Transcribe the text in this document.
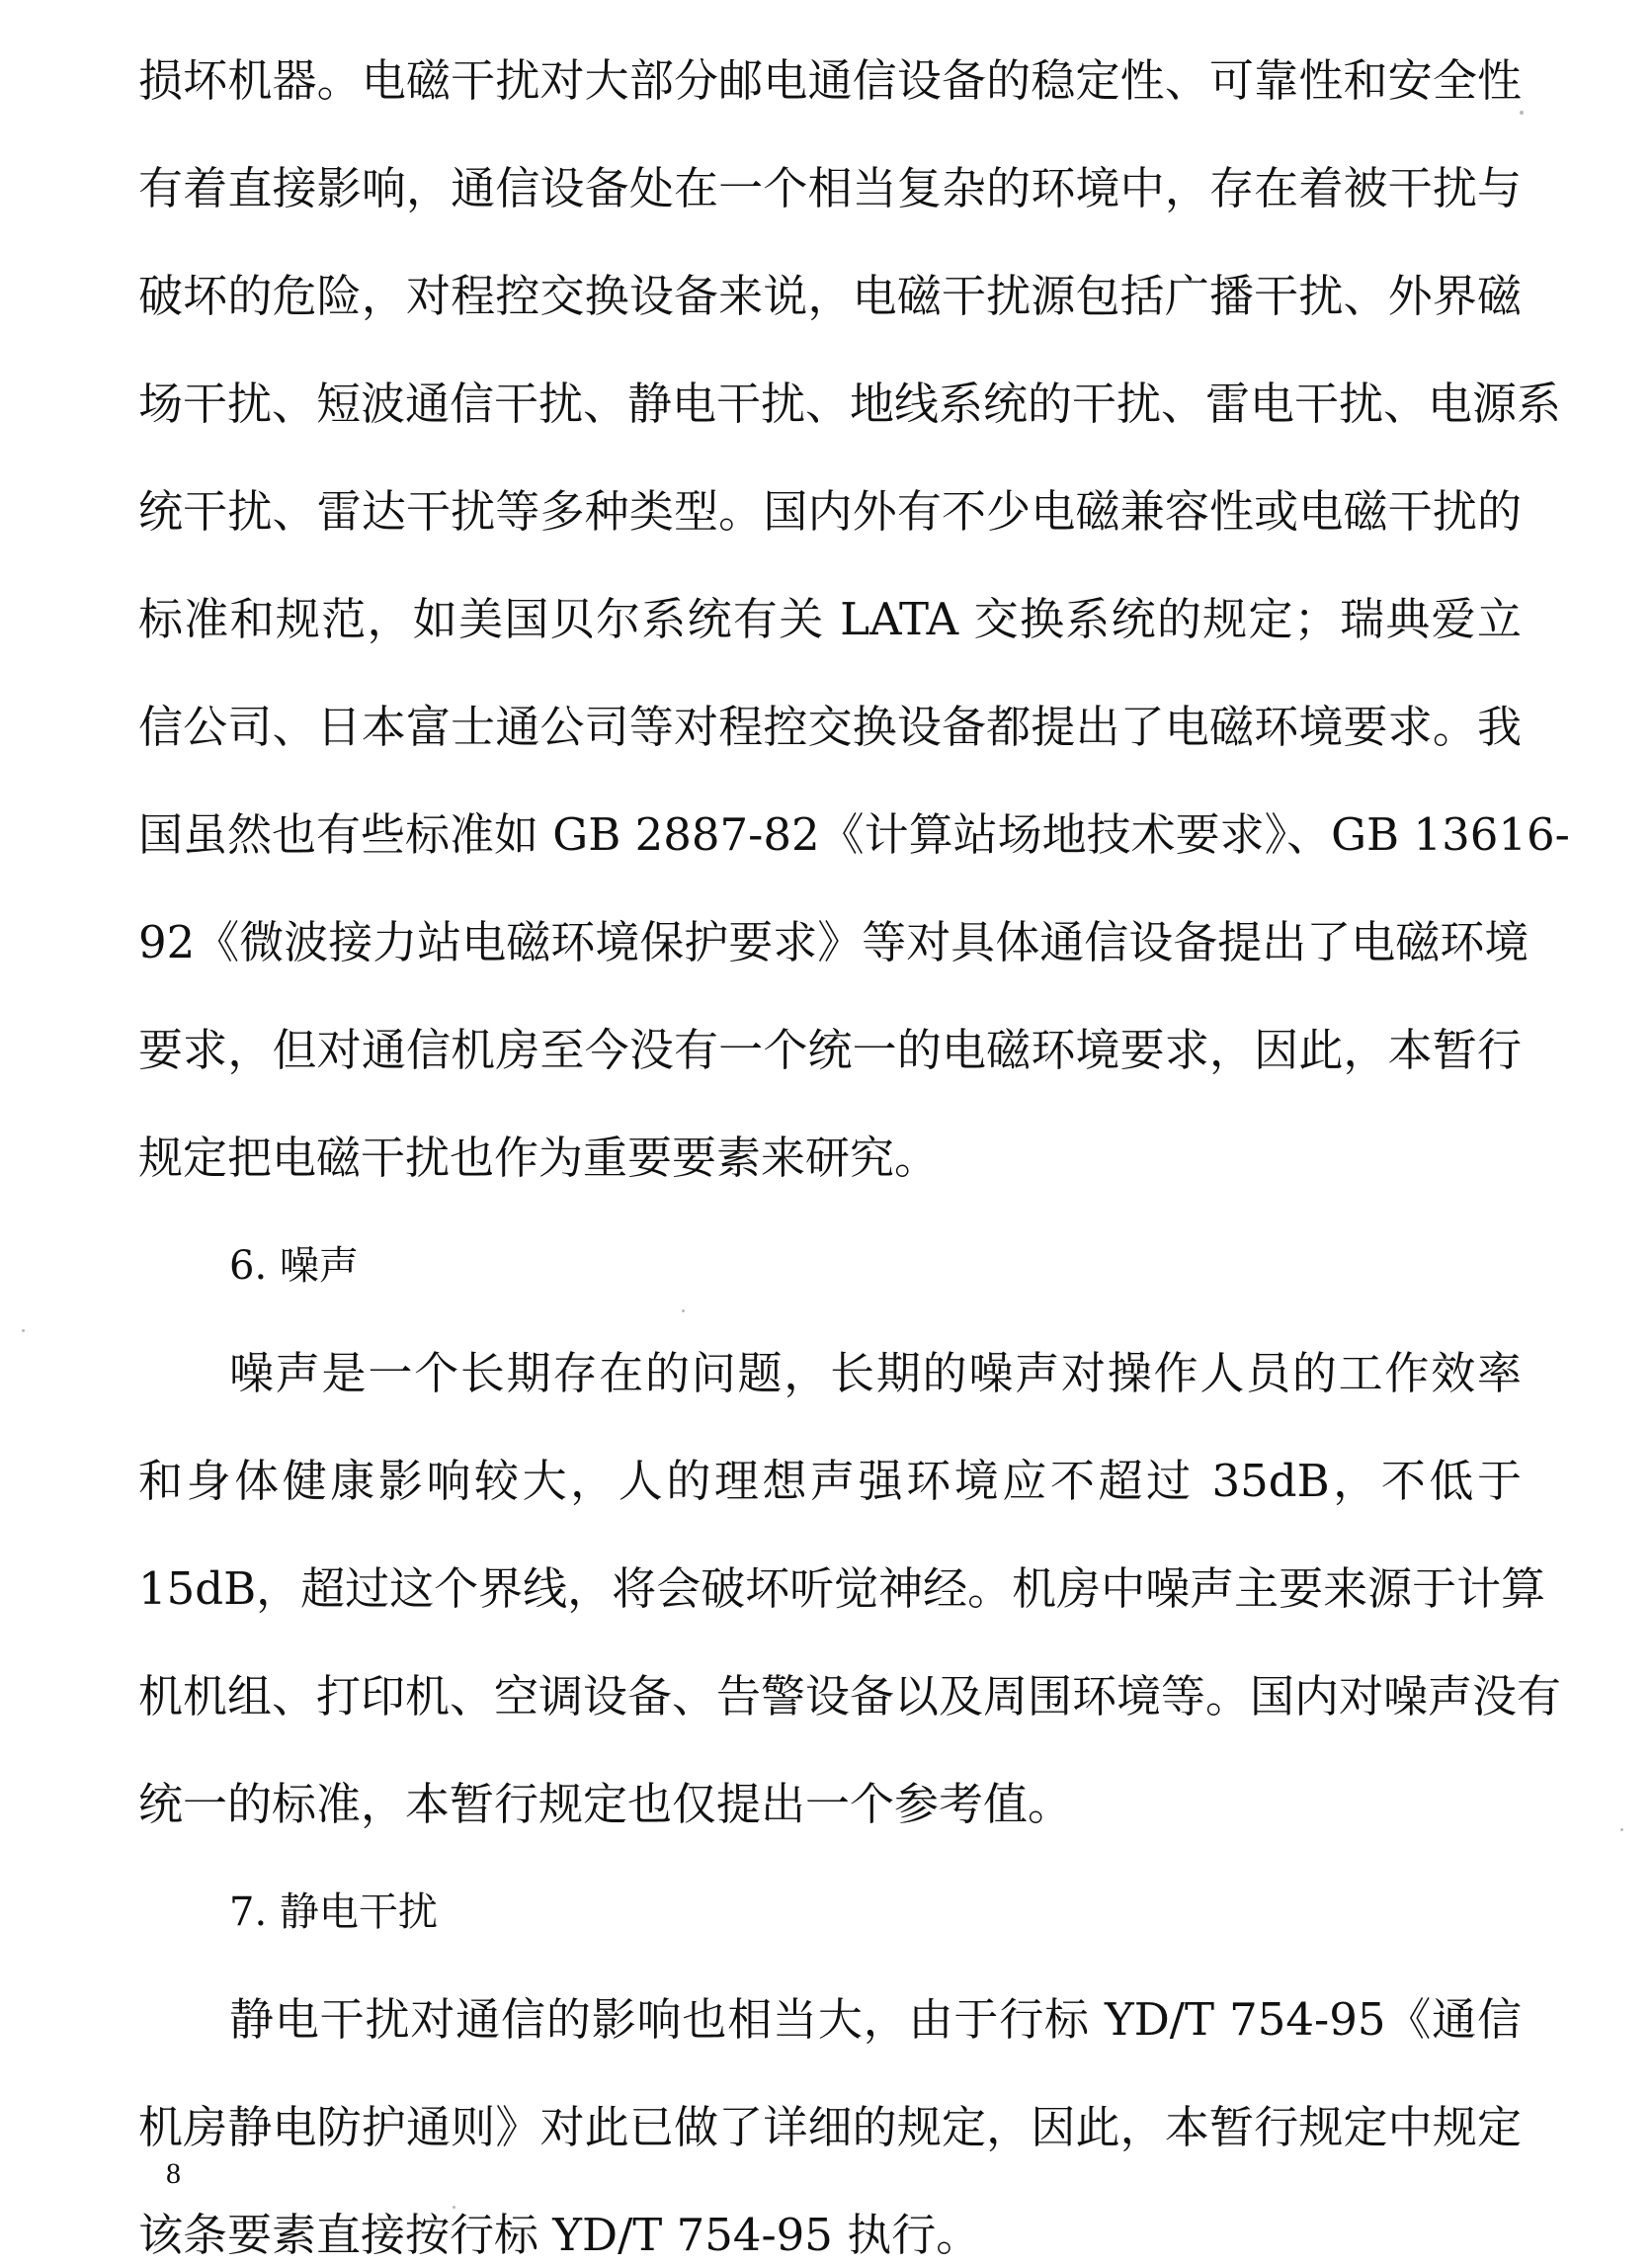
损坏机器。电磁干扰对大部分邮电通信设备的稳定性、可靠性和安全性
有着直接影响，通信设备处在一个相当复杂的环境中，存在着被干扰与
破坏的危险，对程控交换设备来说，电磁干扰源包括广播干扰、外界磁
场干扰、短波通信干扰、静电干扰、地线系统的干扰、雷电干扰、电源系
统干扰、雷达干扰等多种类型。国内外有不少电磁兼容性或电磁干扰的
标准和规范，如美国贝尔系统有关 LATA 交换系统的规定；瑞典爱立
信公司、日本富士通公司等对程控交换设备都提出了电磁环境要求。我
国虽然也有些标准如 GB 2887-82《计算站场地技术要求》、GB 13616-
92《微波接力站电磁环境保护要求》等对具体通信设备提出了电磁环境
要求，但对通信机房至今没有一个统一的电磁环境要求，因此，本暂行
规定把电磁干扰也作为重要要素来研究。
6. 噪声
噪声是一个长期存在的问题，长期的噪声对操作人员的工作效率
和身体健康影响较大，人的理想声强环境应不超过 35dB，不低于
15dB，超过这个界线，将会破坏听觉神经。机房中噪声主要来源于计算
机机组、打印机、空调设备、告警设备以及周围环境等。国内对噪声没有
统一的标准，本暂行规定也仅提出一个参考值。
7. 静电干扰
静电干扰对通信的影响也相当大，由于行标 YD/T 754-95《通信
机房静电防护通则》对此已做了详细的规定，因此，本暂行规定中规定
该条要素直接按行标 YD/T 754-95 执行。
8
